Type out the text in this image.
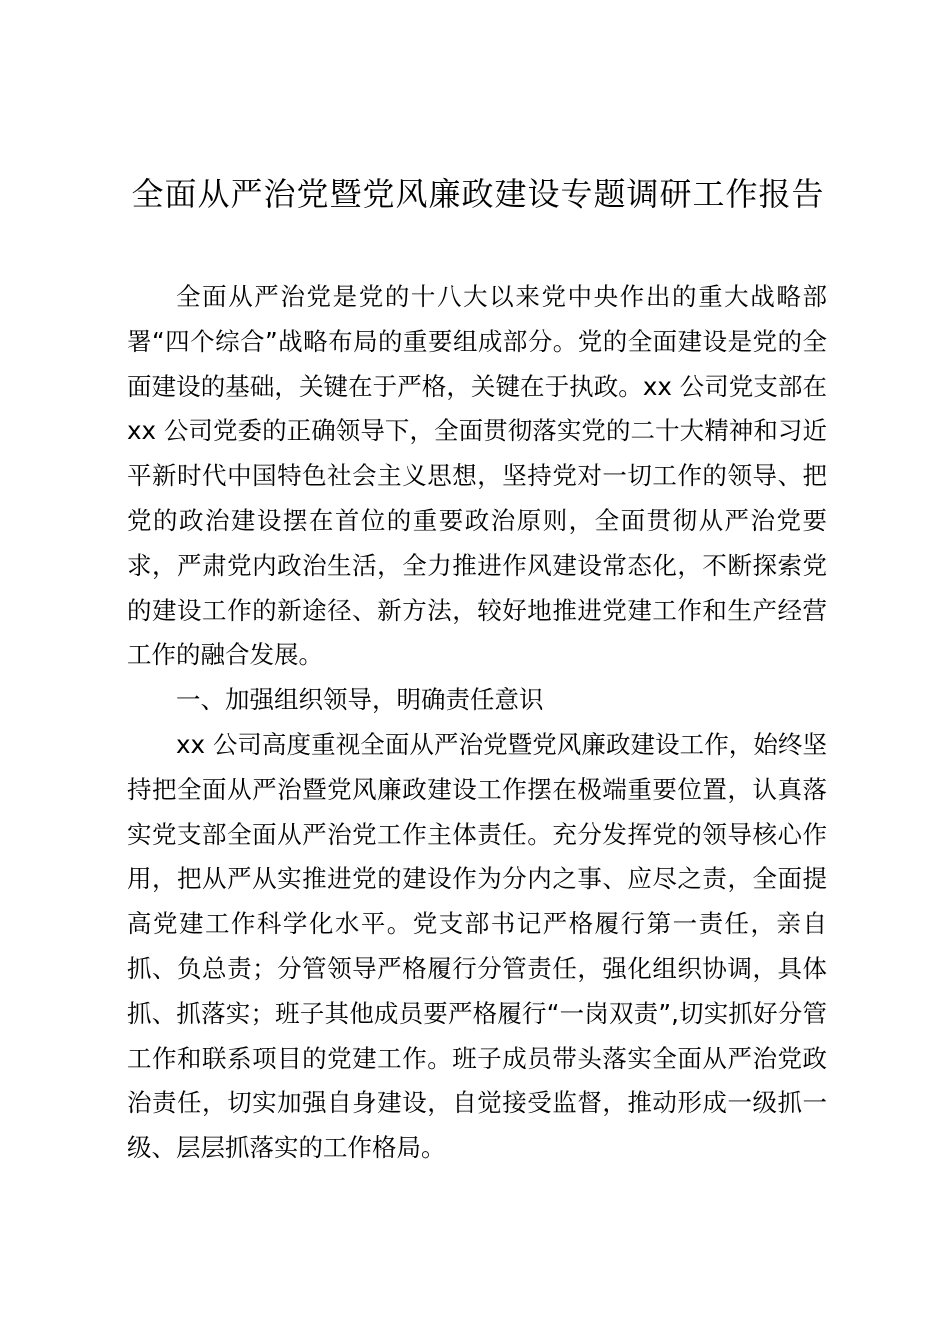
全面从严治党暨党风廉政建设专题调研工作报告

全面从严治党是党的十八大以来党中央作出的重大战略部署“四个综合”战略布局的重要组成部分。党的全面建设是党的全面建设的基础，关键在于严格，关键在于执政。xx 公司党支部在 xx 公司党委的正确领导下，全面贯彻落实党的二十大精神和习近平新时代中国特色社会主义思想，坚持党对一切工作的领导、把党的政治建设摆在首位的重要政治原则，全面贯彻从严治党要求，严肃党内政治生活，全力推进作风建设常态化，不断探索党的建设工作的新途径、新方法，较好地推进党建工作和生产经营工作的融合发展。

一、加强组织领导，明确责任意识

xx 公司高度重视全面从严治党暨党风廉政建设工作，始终坚持把全面从严治暨党风廉政建设工作摆在极端重要位置，认真落实党支部全面从严治党工作主体责任。充分发挥党的领导核心作用，把从严从实推进党的建设作为分内之事、应尽之责，全面提高党建工作科学化水平。党支部书记严格履行第一责任，亲自抓、负总责；分管领导严格履行分管责任，强化组织协调，具体抓、抓落实；班子其他成员要严格履行“一岗双责”,切实抓好分管工作和联系项目的党建工作。班子成员带头落实全面从严治党政治责任，切实加强自身建设，自觉接受监督，推动形成一级抓一级、层层抓落实的工作格局。
